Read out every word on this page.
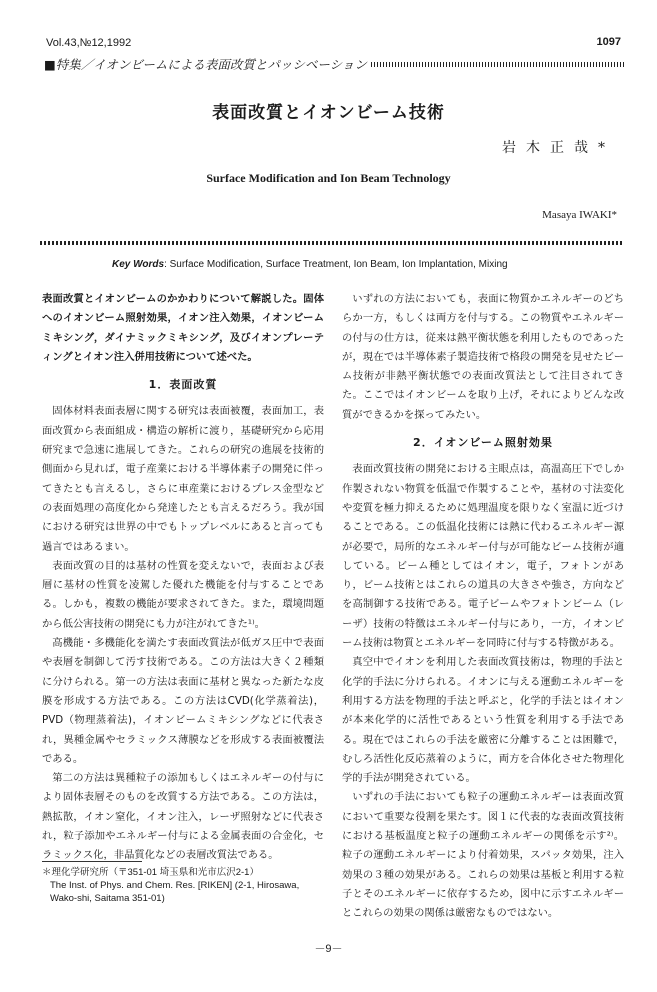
Vol.43,№12,1992	1097
■特集／イオンビームによる表面改質とパッシベーション
表面改質とイオンビーム技術
岩木正哉*
Surface Modification and Ion Beam Technology
Masaya IWAKI*
Key Words: Surface Modification, Surface Treatment, Ion Beam, Ion Implantation, Mixing

表面改質とイオンビームのかかわりについて解説した。固体へのイオンビーム照射効果，イオン注入効果，イオンビームミキシング，ダイナミックミキシング，及びイオンプレーティングとイオン注入併用技術について述べた。

1．表面改質

固体材料表面表層に関する研究は表面被覆，表面加工，表面改質から表面組成・構造の解析に渡り，基礎研究から応用研究まで急速に進展してきた。これらの研究の進展を技術的側面から見れば，電子産業における半導体素子の開発に伴ってきたとも言えるし，さらに車産業におけるプレス金型などの表面処理の高度化から発達したとも言えるだろう。我が国における研究は世界の中でもトップレベルにあると言っても過言ではあるまい。

表面改質の目的は基材の性質を変えないで，表面および表層に基材の性質を凌駕した優れた機能を付与することである。しかも，複数の機能が要求されてきた。また，環境問題から低公害技術の開発にも力が注がれてきた¹⁾。

高機能・多機能化を満たす表面改質法が低ガス圧中で表面や表層を制御して汚す技術である。この方法は大きく２種類に分けられる。第一の方法は表面に基材と異なった新たな皮膜を形成する方法である。この方法はCVD(化学蒸着法)，PVD（物理蒸着法)，イオンビームミキシングなどに代表され，異種金属やセラミックス薄膜などを形成する表面被覆法である。

第二の方法は異種粒子の添加もしくはエネルギーの付与により固体表層そのものを改質する方法である。この方法は，熱拡散，イオン窒化，イオン注入，レーザ照射などに代表され，粒子添加やエネルギー付与による金属表面の合金化，セラミックス化，非晶質化などの表層改質法である。

いずれの方法においても，表面に物質かエネルギーのどちらか一方，もしくは両方を付与する。この物質やエネルギーの付与の仕方は，従来は熱平衡状態を利用したものであったが，現在では半導体素子製造技術で格段の開発を見せたビーム技術が非熱平衡状態での表面改質法として注目されてきた。ここではイオンビームを取り上げ，それによりどんな改質ができるかを探ってみたい。

2．イオンビーム照射効果

表面改質技術の開発における主眼点は，高温高圧下でしか作製されない物質を低温で作製することや，基材の寸法変化や変質を極力抑えるために処理温度を限りなく室温に近づけることである。この低温化技術には熱に代わるエネルギー源が必要で，局所的なエネルギー付与が可能なビーム技術が適している。ビーム種としてはイオン，電子，フォトンがあり，ビーム技術とはこれらの道具の大きさや強さ，方向などを高制御する技術である。電子ビームやフォトンビーム（レーザ）技術の特徴はエネルギー付与にあり，一方，イオンビーム技術は物質とエネルギーを同時に付与する特徴がある。

真空中でイオンを利用した表面改質技術は，物理的手法と化学的手法に分けられる。イオンに与える運動エネルギーを利用する方法を物理的手法と呼ぶと，化学的手法とはイオンが本来化学的に活性であるという性質を利用する手法である。現在ではこれらの手法を厳密に分離することは困難で，むしろ活性化反応蒸着のように，両方を合体化させた物理化学的手法が開発されている。

いずれの手法においても粒子の運動エネルギーは表面改質において重要な役割を果たす。図１に代表的な表面改質技術における基板温度と粒子の運動エネルギーの関係を示す²⁾。粒子の運動エネルギーにより付着効果，スパッタ効果，注入効果の３種の効果がある。これらの効果は基板と利用する粒子とそのエネルギーに依存するため，図中に示すエネルギーとこれらの効果の関係は厳密なものではない。

＊理化学研究所（〒351-01 埼玉県和光市広沢2-1）
The Inst. of Phys. and Chem. Res. [RIKEN] (2-1, Hirosawa, Wako-shi, Saitama 351-01)
－9－
